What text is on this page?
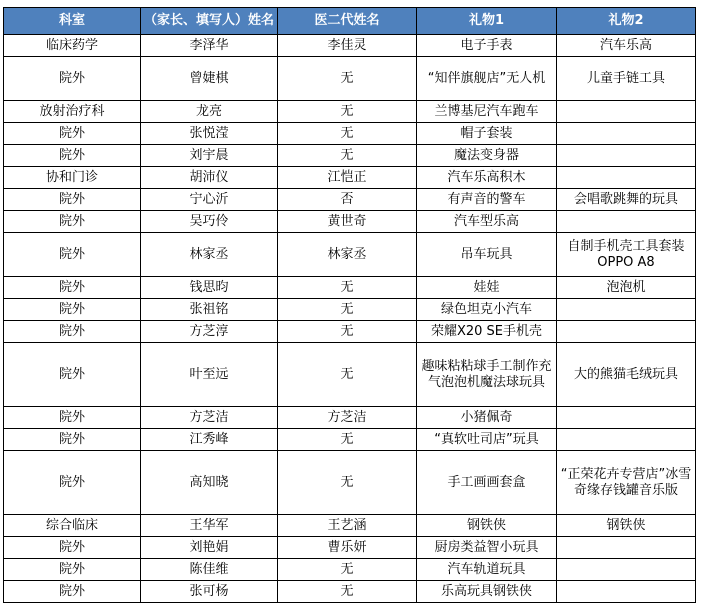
科室	（家长、填写人）姓名	医二代姓名	礼物1	礼物2
临床药学	李泽华	李佳灵	电子手表	汽车乐高
院外	曾婕棋	无	“知伴旗舰店”无人机	儿童手链工具
放射治疗科	龙亮	无	兰博基尼汽车跑车	
院外	张悦滢	无	帽子套装	
院外	刘宇晨	无	魔法变身器	
协和门诊	胡沛仪	江恺正	汽车乐高积木	
院外	宁心沂	否	有声音的警车	会唱歌跳舞的玩具
院外	吴巧伶	黄世奇	汽车型乐高	
院外	林家丞	林家丞	吊车玩具	自制手机壳工具套装OPPO A8
院外	钱思昀	无	娃娃	泡泡机
院外	张祖铭	无	绿色坦克小汽车	
院外	方芝淳	无	荣耀X20 SE手机壳	
院外	叶至远	无	趣味粘粘球手工制作充气泡泡机魔法球玩具	大的熊猫毛绒玩具
院外	方芝洁	方芝洁	小猪佩奇	
院外	江秀峰	无	“真软吐司店”玩具	
院外	高知晓	无	手工画画套盒	“正荣花卉专营店”冰雪奇缘存钱罐音乐版
综合临床	王华军	王艺涵	钢铁侠	钢铁侠
院外	刘艳娟	曹乐妍	厨房类益智小玩具	
院外	陈佳维	无	汽车轨道玩具	
院外	张可杨	无	乐高玩具钢铁侠	
